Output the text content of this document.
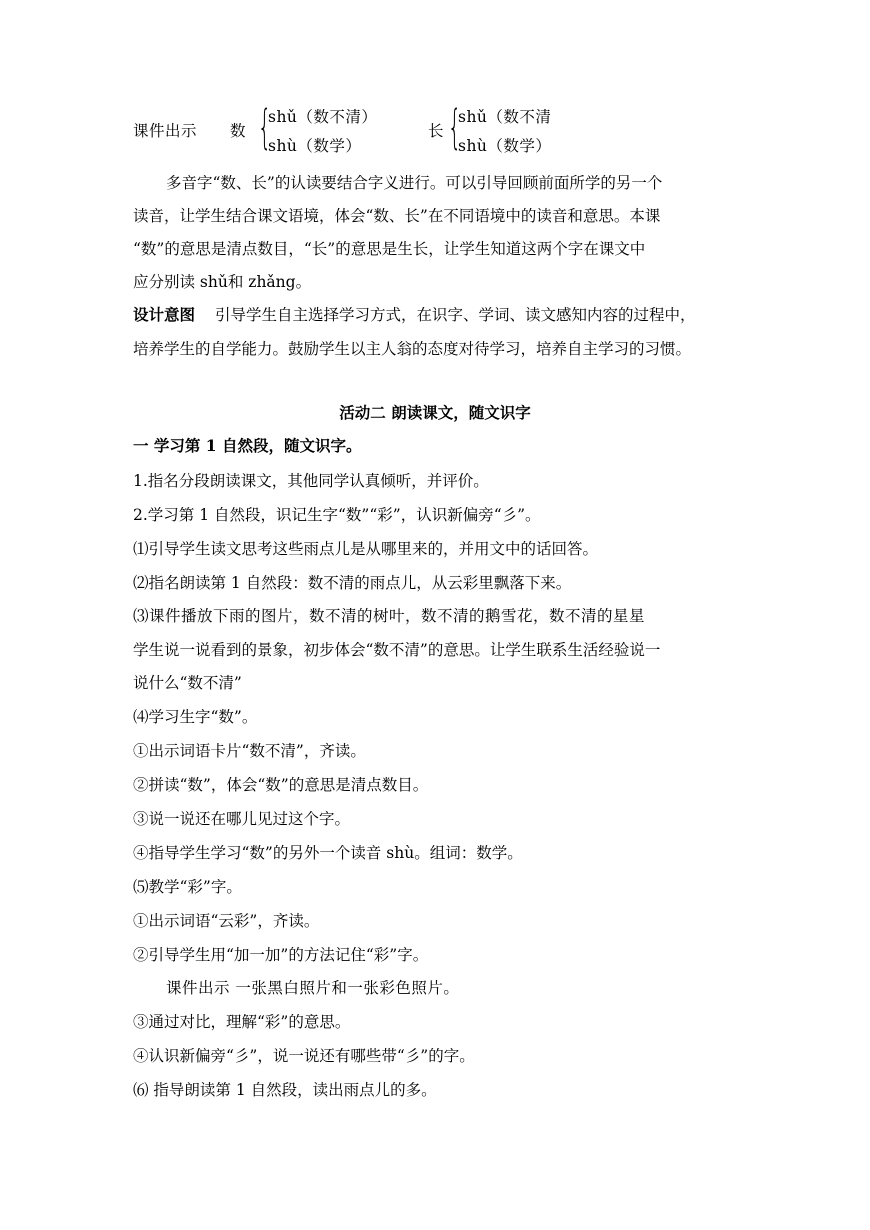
课件出示 数 {
shǔ（数不清）
shù（数学）
长 {
shǔ（数不清
shù（数学）
多音字“数、长”的认读要结合字义进行。可以引导回顾前面所学的另一个
读音，让学生结合课文语境，体会“数、长”在不同语境中的读音和意思。本课
“数”的意思是清点数目，“长”的意思是生长，让学生知道这两个字在课文中
应分别读 shǔ和 zhǎng。
设计意图 引导学生自主选择学习方式，在识字、学词、读文感知内容的过程中，
培养学生的自学能力。鼓励学生以主人翁的态度对待学习，培养自主学习的习惯。
活动二 朗读课文，随文识字
一 学习第 1 自然段，随文识字。
1.指名分段朗读课文，其他同学认真倾听，并评价。
2.学习第 1 自然段，识记生字“数”“彩”，认识新偏旁“彡”。
⑴引导学生读文思考这些雨点儿是从哪里来的，并用文中的话回答。
⑵指名朗读第 1 自然段：数不清的雨点儿，从云彩里飘落下来。
⑶课件播放下雨的图片，数不清的树叶，数不清的鹅雪花，数不清的星星
学生说一说看到的景象，初步体会“数不清”的意思。让学生联系生活经验说一
说什么“数不清”
⑷学习生字“数”。
①出示词语卡片“数不清”，齐读。
②拼读“数”，体会“数”的意思是清点数目。
③说一说还在哪儿见过这个字。
④指导学生学习“数”的另外一个读音 shù。组词：数学。
⑸教学“彩”字。
①出示词语“云彩”，齐读。
②引导学生用“加一加”的方法记住“彩”字。
课件出示 一张黑白照片和一张彩色照片。
③通过对比，理解“彩”的意思。
④认识新偏旁“彡”，说一说还有哪些带“彡”的字。
⑹ 指导朗读第 1 自然段，读出雨点儿的多。
